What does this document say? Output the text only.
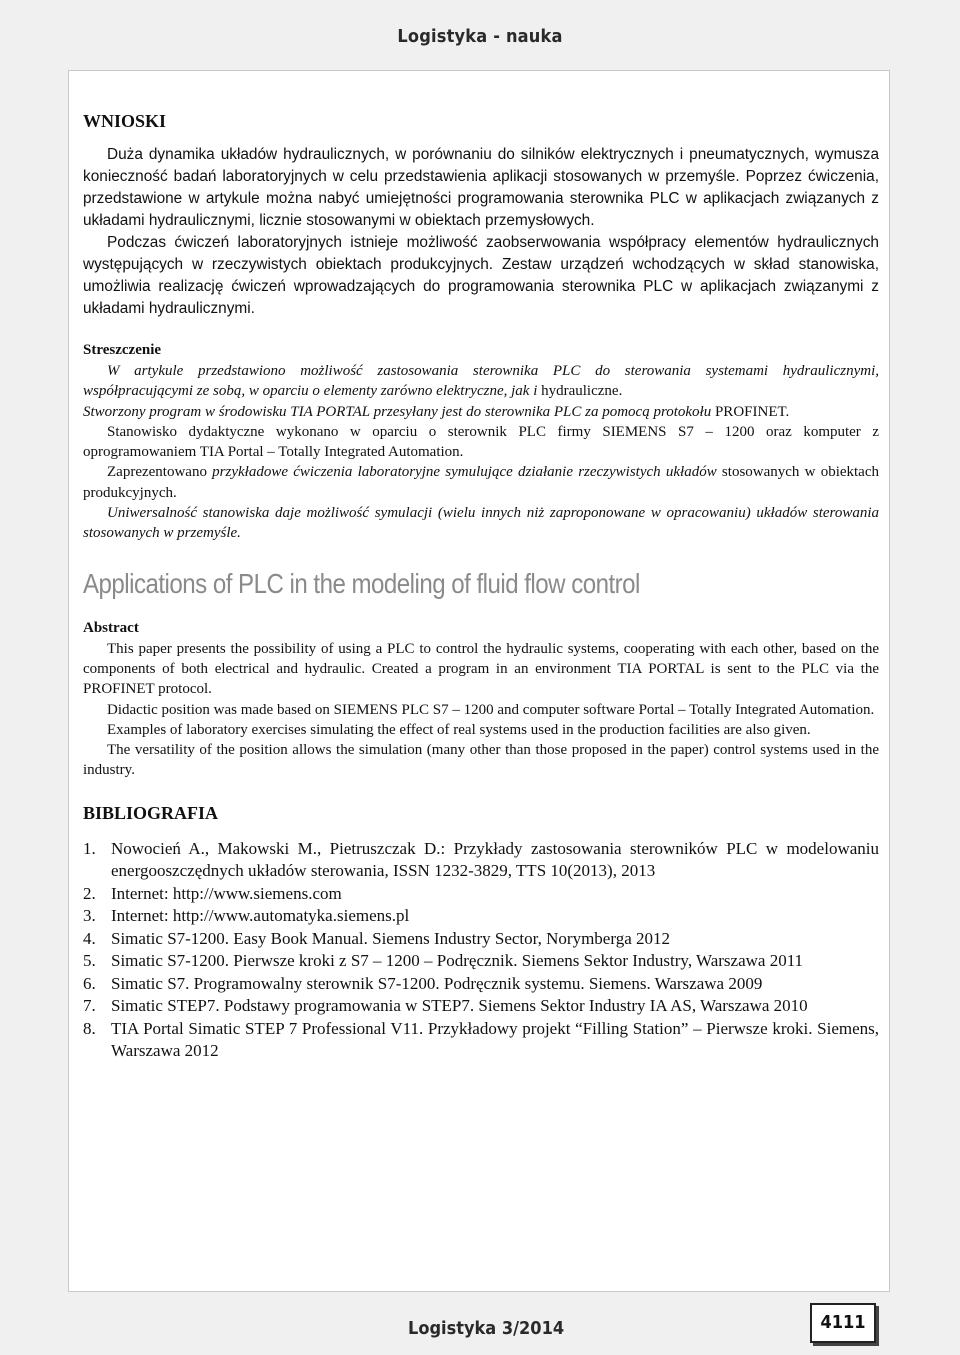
Logistyka - nauka
WNIOSKI

Duża dynamika układów hydraulicznych, w porównaniu do silników elektrycznych i pneumatycznych, wymusza konieczność badań laboratoryjnych w celu przedstawienia aplikacji stosowanych w przemyśle. Poprzez ćwiczenia, przedstawione w artykule można nabyć umiejętności programowania sterownika PLC w aplikacjach związanych z układami hydraulicznymi, licznie stosowanymi w obiektach przemysłowych.

Podczas ćwiczeń laboratoryjnych istnieje możliwość zaobserwowania współpracy elementów hydraulicznych występujących w rzeczywistych obiektach produkcyjnych. Zestaw urządzeń wchodzących w skład stanowiska, umożliwia realizację ćwiczeń wprowadzających do programowania sterownika PLC w aplikacjach związanymi z układami hydraulicznymi.

Streszczenie

W artykule przedstawiono możliwość zastosowania sterownika PLC do sterowania systemami hydraulicznymi, współpracującymi ze sobą, w oparciu o elementy zarówno elektryczne, jak i hydrauliczne.

Stworzony program w środowisku TIA PORTAL przesyłany jest do sterownika PLC za pomocą protokołu PROFINET.

Stanowisko dydaktyczne wykonano w oparciu o sterownik PLC firmy SIEMENS S7 – 1200 oraz komputer z oprogramowaniem TIA Portal – Totally Integrated Automation.

Zaprezentowano przykładowe ćwiczenia laboratoryjne symulujące działanie rzeczywistych układów stosowanych w obiektach produkcyjnych.

Uniwersalność stanowiska daje możliwość symulacji (wielu innych niż zaproponowane w opracowaniu) układów sterowania stosowanych w przemyśle.

Applications of PLC in the modeling of fluid flow control
Abstract

This paper presents the possibility of using a PLC to control the hydraulic systems, cooperating with each other, based on the components of both electrical and hydraulic. Created a program in an environment TIA PORTAL is sent to the PLC via the PROFINET protocol.

Didactic position was made based on SIEMENS PLC S7 – 1200 and computer software Portal – Totally Integrated Automation.

Examples of laboratory exercises simulating the effect of real systems used in the production facilities are also given.

The versatility of the position allows the simulation (many other than those proposed in the paper) control systems used in the industry.

BIBLIOGRAFIA
1. Nowocień A., Makowski M., Pietruszczak D.: Przykłady zastosowania sterowników PLC w modelowaniu energooszczędnych układów sterowania, ISSN 1232-3829, TTS 10(2013), 2013
2. Internet: http://www.siemens.com
3. Internet: http://www.automatyka.siemens.pl
4. Simatic S7-1200. Easy Book Manual. Siemens Industry Sector, Norymberga 2012
5. Simatic S7-1200. Pierwsze kroki z S7 – 1200 – Podręcznik. Siemens Sektor Industry, Warszawa 2011
6. Simatic S7. Programowalny sterownik S7-1200. Podręcznik systemu. Siemens. Warszawa 2009
7. Simatic STEP7. Podstawy programowania w STEP7. Siemens Sektor Industry IA AS, Warszawa 2010
8. TIA Portal Simatic STEP 7 Professional V11. Przykładowy projekt “Filling Station” – Pierwsze kroki. Siemens, Warszawa 2012
Logistyka 3/2014	4111
